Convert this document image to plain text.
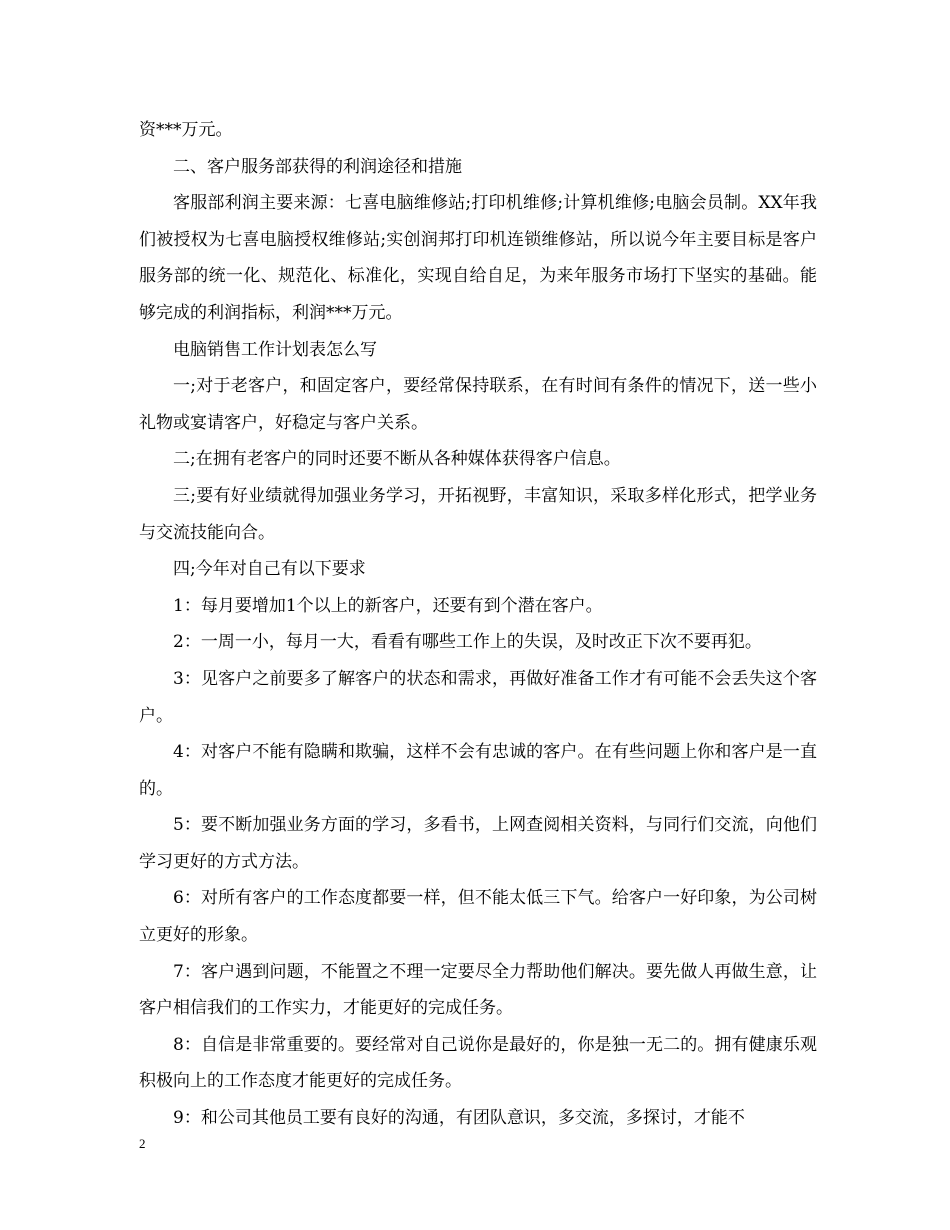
资***万元。

二、客户服务部获得的利润途径和措施

客服部利润主要来源：七喜电脑维修站;打印机维修;计算机维修;电脑会员制。XX年我们被授权为七喜电脑授权维修站;实创润邦打印机连锁维修站，所以说今年主要目标是客户服务部的统一化、规范化、标准化，实现自给自足，为来年服务市场打下坚实的基础。能够完成的利润指标，利润***万元。

电脑销售工作计划表怎么写

一;对于老客户，和固定客户，要经常保持联系，在有时间有条件的情况下，送一些小礼物或宴请客户，好稳定与客户关系。

二;在拥有老客户的同时还要不断从各种媒体获得客户信息。

三;要有好业绩就得加强业务学习，开拓视野，丰富知识，采取多样化形式，把学业务与交流技能向合。

四;今年对自己有以下要求

1：每月要增加1个以上的新客户，还要有到个潜在客户。

2：一周一小，每月一大，看看有哪些工作上的失误，及时改正下次不要再犯。

3：见客户之前要多了解客户的状态和需求，再做好准备工作才有可能不会丢失这个客户。

4：对客户不能有隐瞒和欺骗，这样不会有忠诚的客户。在有些问题上你和客户是一直的。

5：要不断加强业务方面的学习，多看书，上网查阅相关资料，与同行们交流，向他们学习更好的方式方法。

6：对所有客户的工作态度都要一样，但不能太低三下气。给客户一好印象，为公司树立更好的形象。

7：客户遇到问题，不能置之不理一定要尽全力帮助他们解决。要先做人再做生意，让客户相信我们的工作实力，才能更好的完成任务。

8：自信是非常重要的。要经常对自己说你是最好的，你是独一无二的。拥有健康乐观积极向上的工作态度才能更好的完成任务。

9：和公司其他员工要有良好的沟通，有团队意识，多交流，多探讨，才能不

2
